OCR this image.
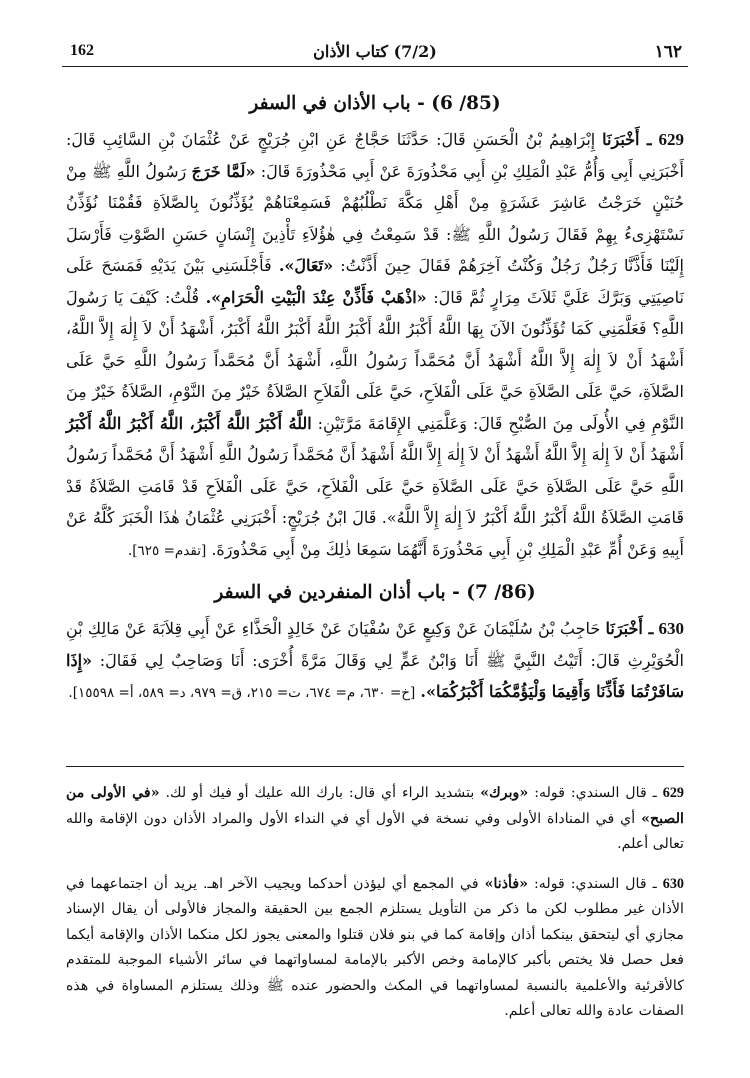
162	(7/2) كتاب الأذان	١٦٢
(85/ 6) - باب الأذان في السفر

629 ـ أَخْبَرَنَا إِبْرَاهِيمُ بْنُ الْحَسَنِ قَالَ: حَدَّثَنَا حَجَّاجٌ عَنِ ابْنِ جُرَيْجٍ عَنْ عُثْمَانَ بْنِ السَّائِبِ قَالَ: أَخْبَرَنِي أَبِي وَأُمُّ عَبْدِ الْمَلِكِ بْنِ أَبِي مَحْذُورَةَ عَنْ أَبِي مَحْذُورَةَ قَالَ: «لَمَّا خَرَجَ رَسُولُ اللَّهِ ﷺ مِنْ حُنَيْنٍ خَرَجْتُ عَاشِرَ عَشَرَةٍ مِنْ أَهْلِ مَكَّةَ نَطْلُبُهُمْ فَسَمِعْنَاهُمْ يُؤَذِّنُونَ بِالصَّلاَةِ فَقُمْنَا نُؤَذِّنُ نَسْتَهْزِىءُ بِهِمْ فَقَالَ رَسُولُ اللَّهِ ﷺ: قَدْ سَمِعْتُ فِي هٰؤُلاَءِ تَأْذِينَ إِنْسَانٍ حَسَنِ الصَّوْتِ فَأَرْسَلَ إِلَيْنَا فَأَذَّنَّا رَجُلٌ رَجُلٌ وَكُنْتُ آخِرَهُمْ فَقَالَ حِينَ أَذَّنْتُ: «تَعَالَ». فَأَجْلَسَنِي بَيْنَ يَدَيْهِ فَمَسَحَ عَلَى نَاصِيَتِي وَبَرَّكَ عَلَيَّ ثَلاَثَ مِرَارٍ ثُمَّ قَالَ: «اذْهَبْ فَأَذِّنْ عِنْدَ الْبَيْتِ الْحَرَامِ». قُلْتُ: كَيْفَ يَا رَسُولَ اللَّهِ؟ فَعَلَّمَنِي كَمَا تُؤَذِّنُونَ الآنَ بِهَا اللَّهُ أَكْبَرُ اللَّهُ أَكْبَرُ اللَّهُ أَكْبَرُ اللَّهُ أَكْبَرُ، أَشْهَدُ أَنْ لاَ إِلٰهَ إِلاَّ اللَّهُ، أَشْهَدُ أَنْ لاَ إِلٰهَ إِلاَّ اللَّهُ أَشْهَدُ أَنَّ مُحَمَّداً رَسُولُ اللَّهِ، أَشْهَدُ أَنَّ مُحَمَّداً رَسُولُ اللَّهِ حَيَّ عَلَى الصَّلاَةِ، حَيَّ عَلَى الصَّلاَةِ حَيَّ عَلَى الْفَلاَحِ، حَيَّ عَلَى الْفَلاَحِ الصَّلاَةُ خَيْرٌ مِنَ النَّوْمِ، الصَّلاَةُ خَيْرٌ مِنَ النَّوْمِ فِي الأُولَى مِنَ الصُّبْحِ قَالَ: وَعَلَّمَنِي الإِقَامَةَ مَرَّتَيْنِ: اللَّهُ أَكْبَرُ اللَّهُ أَكْبَرُ، اللَّهُ أَكْبَرُ اللَّهُ أَكْبَرُ أَشْهَدُ أَنْ لاَ إِلٰهَ إِلاَّ اللَّهُ أَشْهَدُ أَنْ لاَ إِلٰهَ إِلاَّ اللَّهُ أَشْهَدُ أَنَّ مُحَمَّداً رَسُولُ اللَّهِ أَشْهَدُ أَنَّ مُحَمَّداً رَسُولُ اللَّهِ حَيَّ عَلَى الصَّلاَةِ حَيَّ عَلَى الصَّلاَةِ حَيَّ عَلَى الْفَلاَحِ، حَيَّ عَلَى الْفَلاَحِ قَدْ قَامَتِ الصَّلاَةُ قَدْ قَامَتِ الصَّلاَةُ اللَّهُ أَكْبَرُ اللَّهُ أَكْبَرُ لاَ إِلٰهَ إِلاَّ اللَّهُ». قَالَ ابْنُ جُرَيْجٍ: أَخْبَرَنِي عُثْمَانُ هٰذَا الْخَبَرَ كُلَّهُ عَنْ أَبِيهِ وَعَنْ أُمِّ عَبْدِ الْمَلِكِ بْنِ أَبِي مَحْذُورَةَ أَنَّهُمَا سَمِعَا ذٰلِكَ مِنْ أَبِي مَحْذُورَةَ. [تقدم= ٦٢٥].

(86/ 7) - باب أذان المنفردين في السفر

630 ـ أَخْبَرَنَا حَاجِبُ بْنُ سُلَيْمَانَ عَنْ وَكِيعٍ عَنْ سُفْيَانَ عَنْ خَالِدٍ الْحَذَّاءِ عَنْ أَبِي قِلاَبَةَ عَنْ مَالِكِ بْنِ الْحُوَيْرِثِ قَالَ: أَتَيْتُ النَّبِيَّ ﷺ أَنَا وَابْنُ عَمٍّ لِي وَقَالَ مَرَّةً أُخْرَى: أَنَا وَصَاحِبٌ لِي فَقَالَ: «إِذَا سَافَرْتُمَا فَأَذِّنَا وَأَقِيمَا وَلْيَؤُمَّكُمَا أَكْبَرُكُمَا». [خ= ٦٣٠، م= ٦٧٤، ت= ٢١٥، ق= ٩٧٩، د= ٥٨٩، أ= ١٥٥٩٨].

629 ـ قال السندي: قوله: «وبرك» بتشديد الراء أي قال: بارك الله عليك أو فيك أو لك. «في الأولى من الصبح» أي في المناداة الأولى وفي نسخة في الأول أي في النداء الأول والمراد الأذان دون الإقامة والله تعالى أعلم.

630 ـ قال السندي: قوله: «فأذنا» في المجمع أي ليؤذن أحدكما ويجيب الآخر اهـ. يريد أن اجتماعهما في الأذان غير مطلوب لكن ما ذكر من التأويل يستلزم الجمع بين الحقيقة والمجاز فالأولى أن يقال الإسناد مجازي أي ليتحقق بينكما أذان وإقامة كما في بنو فلان قتلوا والمعنى يجوز لكل منكما الأذان والإقامة أيكما فعل حصل فلا يختص بأكبر كالإمامة وخص الأكبر بالإمامة لمساواتهما في سائر الأشياء الموجبة للمتقدم كالأقرئية والأعلمية بالنسبة لمساواتهما في المكث والحضور عنده ﷺ وذلك يستلزم المساواة في هذه الصفات عادة والله تعالى أعلم.
